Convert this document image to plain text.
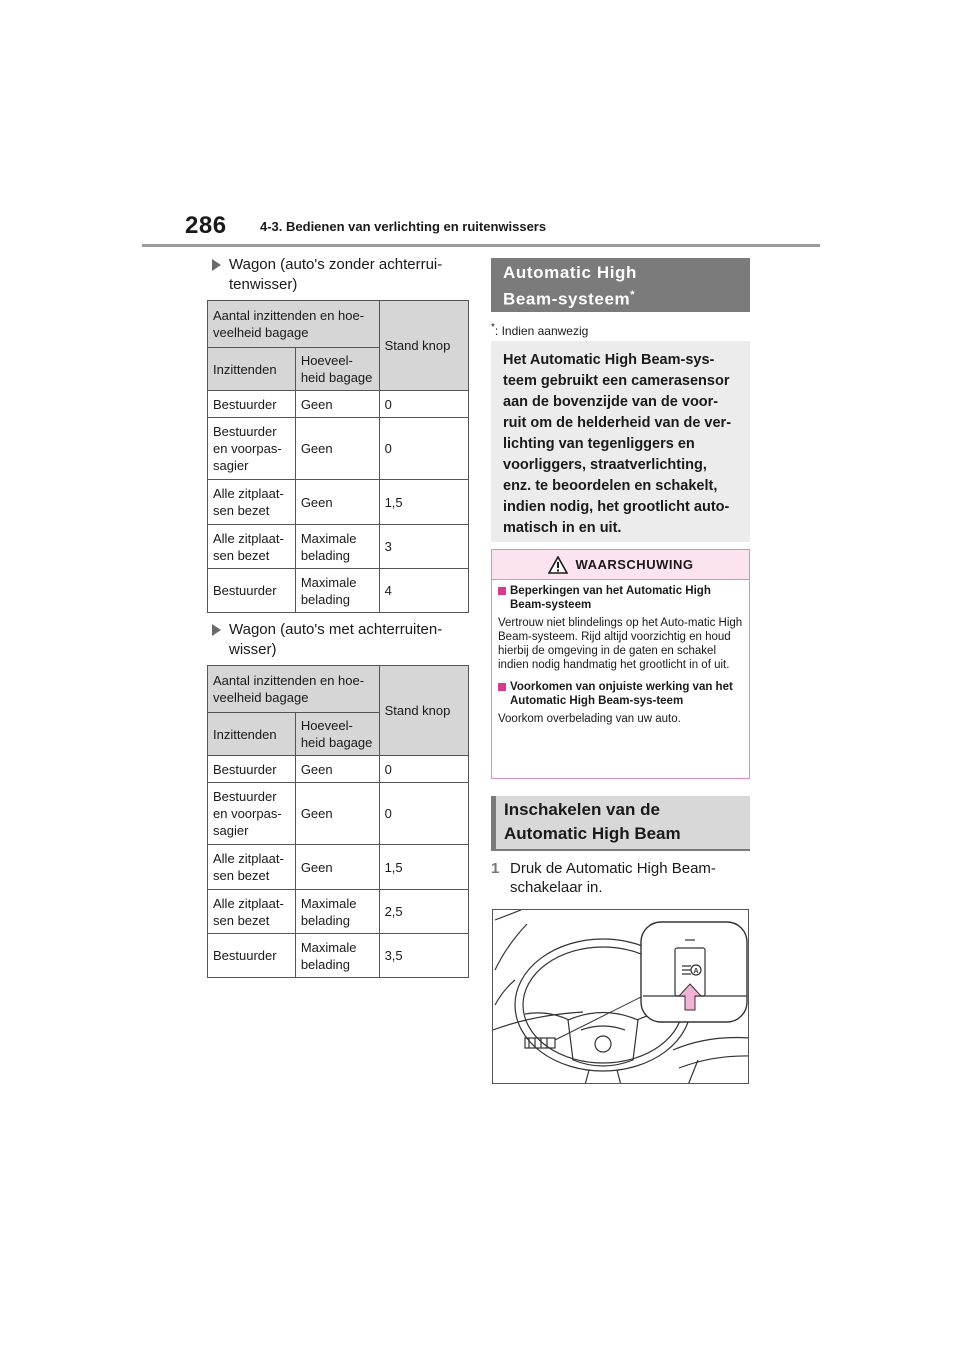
286	4-3. Bedienen van verlichting en ruitenwissers
Wagon (auto's zonder achterrui-tenwisser)
Aantal inzittenden en hoe-veelheid bagage		Stand knop
Inzittenden	Hoeveel-heid bagage	
Bestuurder	Geen	0
Bestuurder en voorpas-sagier	Geen	0
Alle zitplaat-sen bezet	Geen	1,5
Alle zitplaat-sen bezet	Maximale belading	3
Bestuurder	Maximale belading	4
Wagon (auto's met achterruiten-wisser)
Aantal inzittenden en hoe-veelheid bagage		Stand knop
Inzittenden	Hoeveel-heid bagage	
Bestuurder	Geen	0
Bestuurder en voorpas-sagier	Geen	0
Alle zitplaat-sen bezet	Geen	1,5
Alle zitplaat-sen bezet	Maximale belading	2,5
Bestuurder	Maximale belading	3,5
Automatic High
Beam-systeem*
*: Indien aanwezig
Het Automatic High Beam-sys-
teem gebruikt een camerasensor
aan de bovenzijde van de voor-
ruit om de helderheid van de ver-
lichting van tegenliggers en
voorliggers, straatverlichting,
enz. te beoordelen en schakelt,
indien nodig, het grootlicht auto-
matisch in en uit.
WAARSCHUWING
Beperkingen van het Automatic High Beam-systeem

Vertrouw niet blindelings op het Auto-matic High Beam-systeem. Rijd altijd voorzichtig en houd hierbij de omgeving in de gaten en schakel indien nodig handmatig het grootlicht in of uit.

Voorkomen van onjuiste werking van het Automatic High Beam-sys-teem

Voorkom overbelading van uw auto.

Inschakelen van de
Automatic High Beam
1 Druk de Automatic High Beam-schakelaar in.
A
